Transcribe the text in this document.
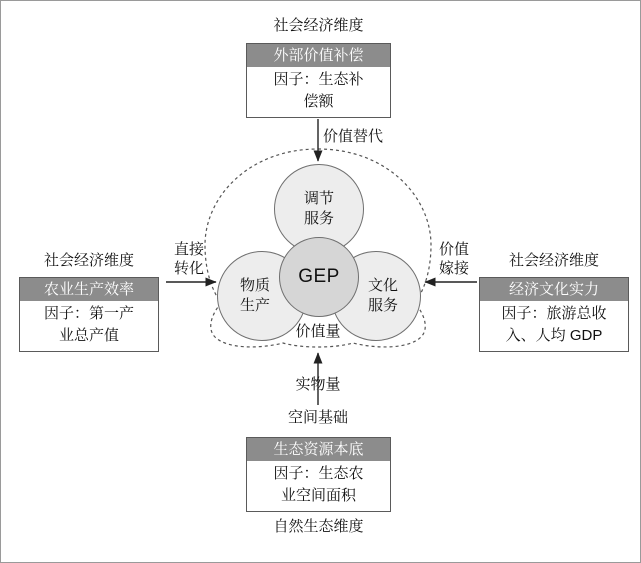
社会经济维度
外部价值补偿
因子：生态补
偿额
价值替代
社会经济维度
农业生产效率
因子：第一产
业总产值
直接
转化	社会经济维度
经济文化实力
因子：旅游总收
入、人均 GDP
价值
嫁接
调节
服务
物质
生产
文化
服务
GEP
价值量
实物量
空间基础
生态资源本底
因子：生态农
业空间面积
自然生态维度
